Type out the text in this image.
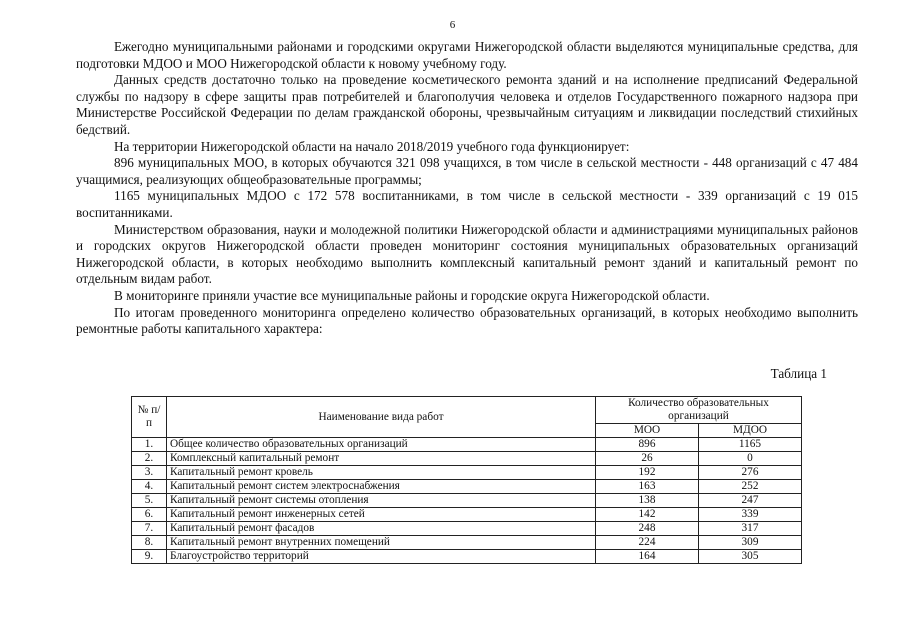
6

Ежегодно муниципальными районами и городскими округами Нижегородской области выделяются муниципальные средства, для подготовки МДОО и МОО Нижегородской области к новому учебному году.

Данных средств достаточно только на проведение косметического ремонта зданий и на исполнение предписаний Федеральной службы по надзору в сфере защиты прав потребителей и благополучия человека и отделов Государственного пожарного надзора при Министерстве Российской Федерации по делам гражданской обороны, чрезвычайным ситуациям и ликвидации последствий стихийных бедствий.

На территории Нижегородской области на начало 2018/2019 учебного года функционирует:

896 муниципальных МОО, в которых обучаются 321 098 учащихся, в том числе в сельской местности - 448 организаций с 47 484 учащимися, реализующих общеобразовательные программы;

1165 муниципальных МДОО с 172 578 воспитанниками, в том числе в сельской местности - 339 организаций с 19 015 воспитанниками.

Министерством образования, науки и молодежной политики Нижегородской области и администрациями муниципальных районов и городских округов Нижегородской области проведен мониторинг состояния муниципальных образовательных организаций Нижегородской области, в которых необходимо выполнить комплексный капитальный ремонт зданий и капитальный ремонт по отдельным видам работ.

В мониторинге приняли участие все муниципальные районы и городские округа Нижегородской области.

По итогам проведенного мониторинга определено количество образовательных организаций, в которых необходимо выполнить ремонтные работы капитального характера:

Таблица 1
№ п/п	Наименование вида работ	Количество образовательных организаций	
		МОО	МДОО
1.	Общее количество образовательных организаций	896	1165
2.	Комплексный капитальный ремонт	26	0
3.	Капитальный ремонт кровель	192	276
4.	Капитальный ремонт систем электроснабжения	163	252
5.	Капитальный ремонт системы отопления	138	247
6.	Капитальный ремонт инженерных сетей	142	339
7.	Капитальный ремонт фасадов	248	317
8.	Капитальный ремонт внутренних помещений	224	309
9.	Благоустройство территорий	164	305
